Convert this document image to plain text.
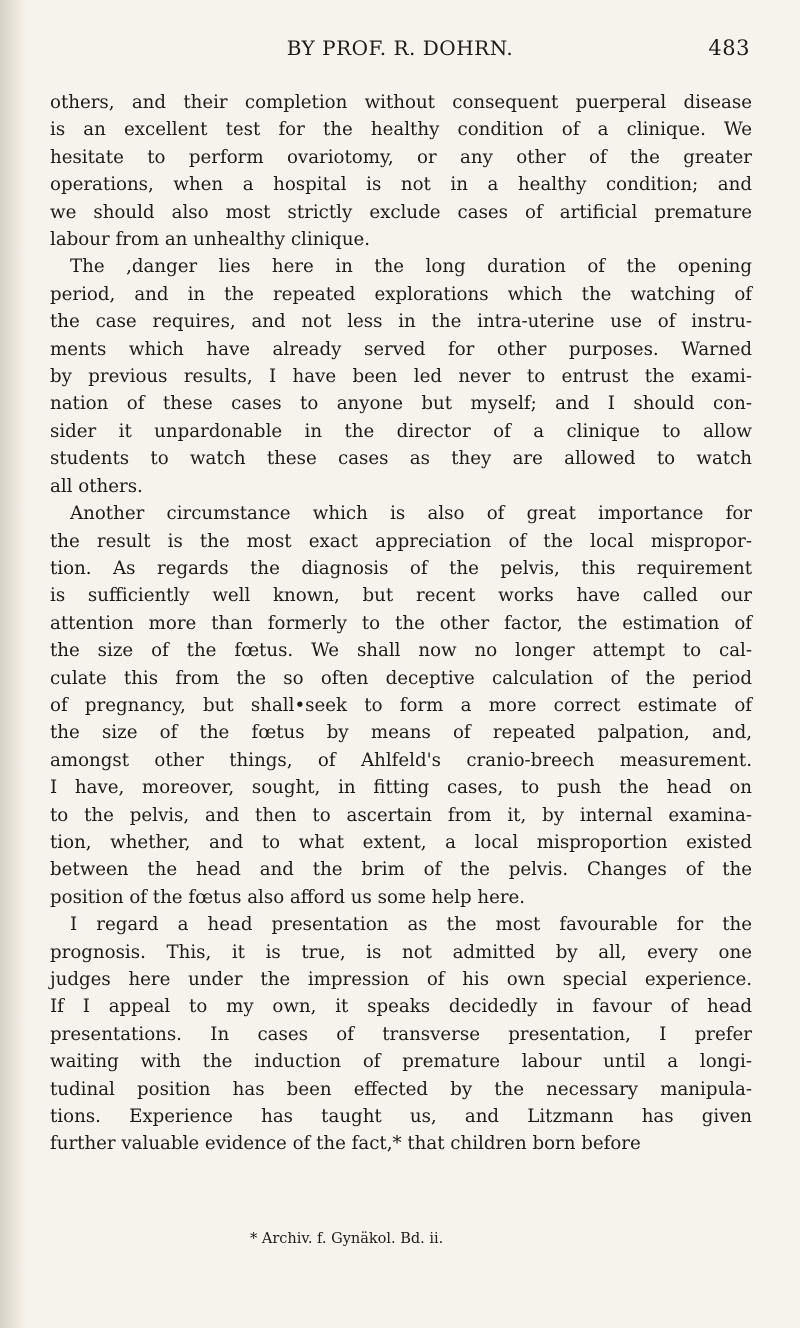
BY PROF. R. DOHRN.	483
others, and their completion without consequent puerperal disease
is an excellent test for the healthy condition of a clinique. We
hesitate to perform ovariotomy, or any other of the greater
operations, when a hospital is not in a healthy condition; and
we should also most strictly exclude cases of artificial premature
labour from an unhealthy clinique.
The ,danger lies here in the long duration of the opening
period, and in the repeated explorations which the watching of
the case requires, and not less in the intra-uterine use of instru-
ments which have already served for other purposes. Warned
by previous results, I have been led never to entrust the exami-
nation of these cases to anyone but myself; and I should con-
sider it unpardonable in the director of a clinique to allow
students to watch these cases as they are allowed to watch
all others.
Another circumstance which is also of great importance for
the result is the most exact appreciation of the local mispropor-
tion. As regards the diagnosis of the pelvis, this requirement
is sufficiently well known, but recent works have called our
attention more than formerly to the other factor, the estimation of
the size of the fœtus. We shall now no longer attempt to cal-
culate this from the so often deceptive calculation of the period
of pregnancy, but shall•seek to form a more correct estimate of
the size of the fœtus by means of repeated palpation, and,
amongst other things, of Ahlfeld's cranio-breech measurement.
I have, moreover, sought, in fitting cases, to push the head on
to the pelvis, and then to ascertain from it, by internal examina-
tion, whether, and to what extent, a local misproportion existed
between the head and the brim of the pelvis. Changes of the
position of the fœtus also afford us some help here.
I regard a head presentation as the most favourable for the
prognosis. This, it is true, is not admitted by all, every one
judges here under the impression of his own special experience.
If I appeal to my own, it speaks decidedly in favour of head
presentations. In cases of transverse presentation, I prefer
waiting with the induction of premature labour until a longi-
tudinal position has been effected by the necessary manipula-
tions. Experience has taught us, and Litzmann has given
further valuable evidence of the fact,* that children born before
* Archiv. f. Gynäkol. Bd. ii.
